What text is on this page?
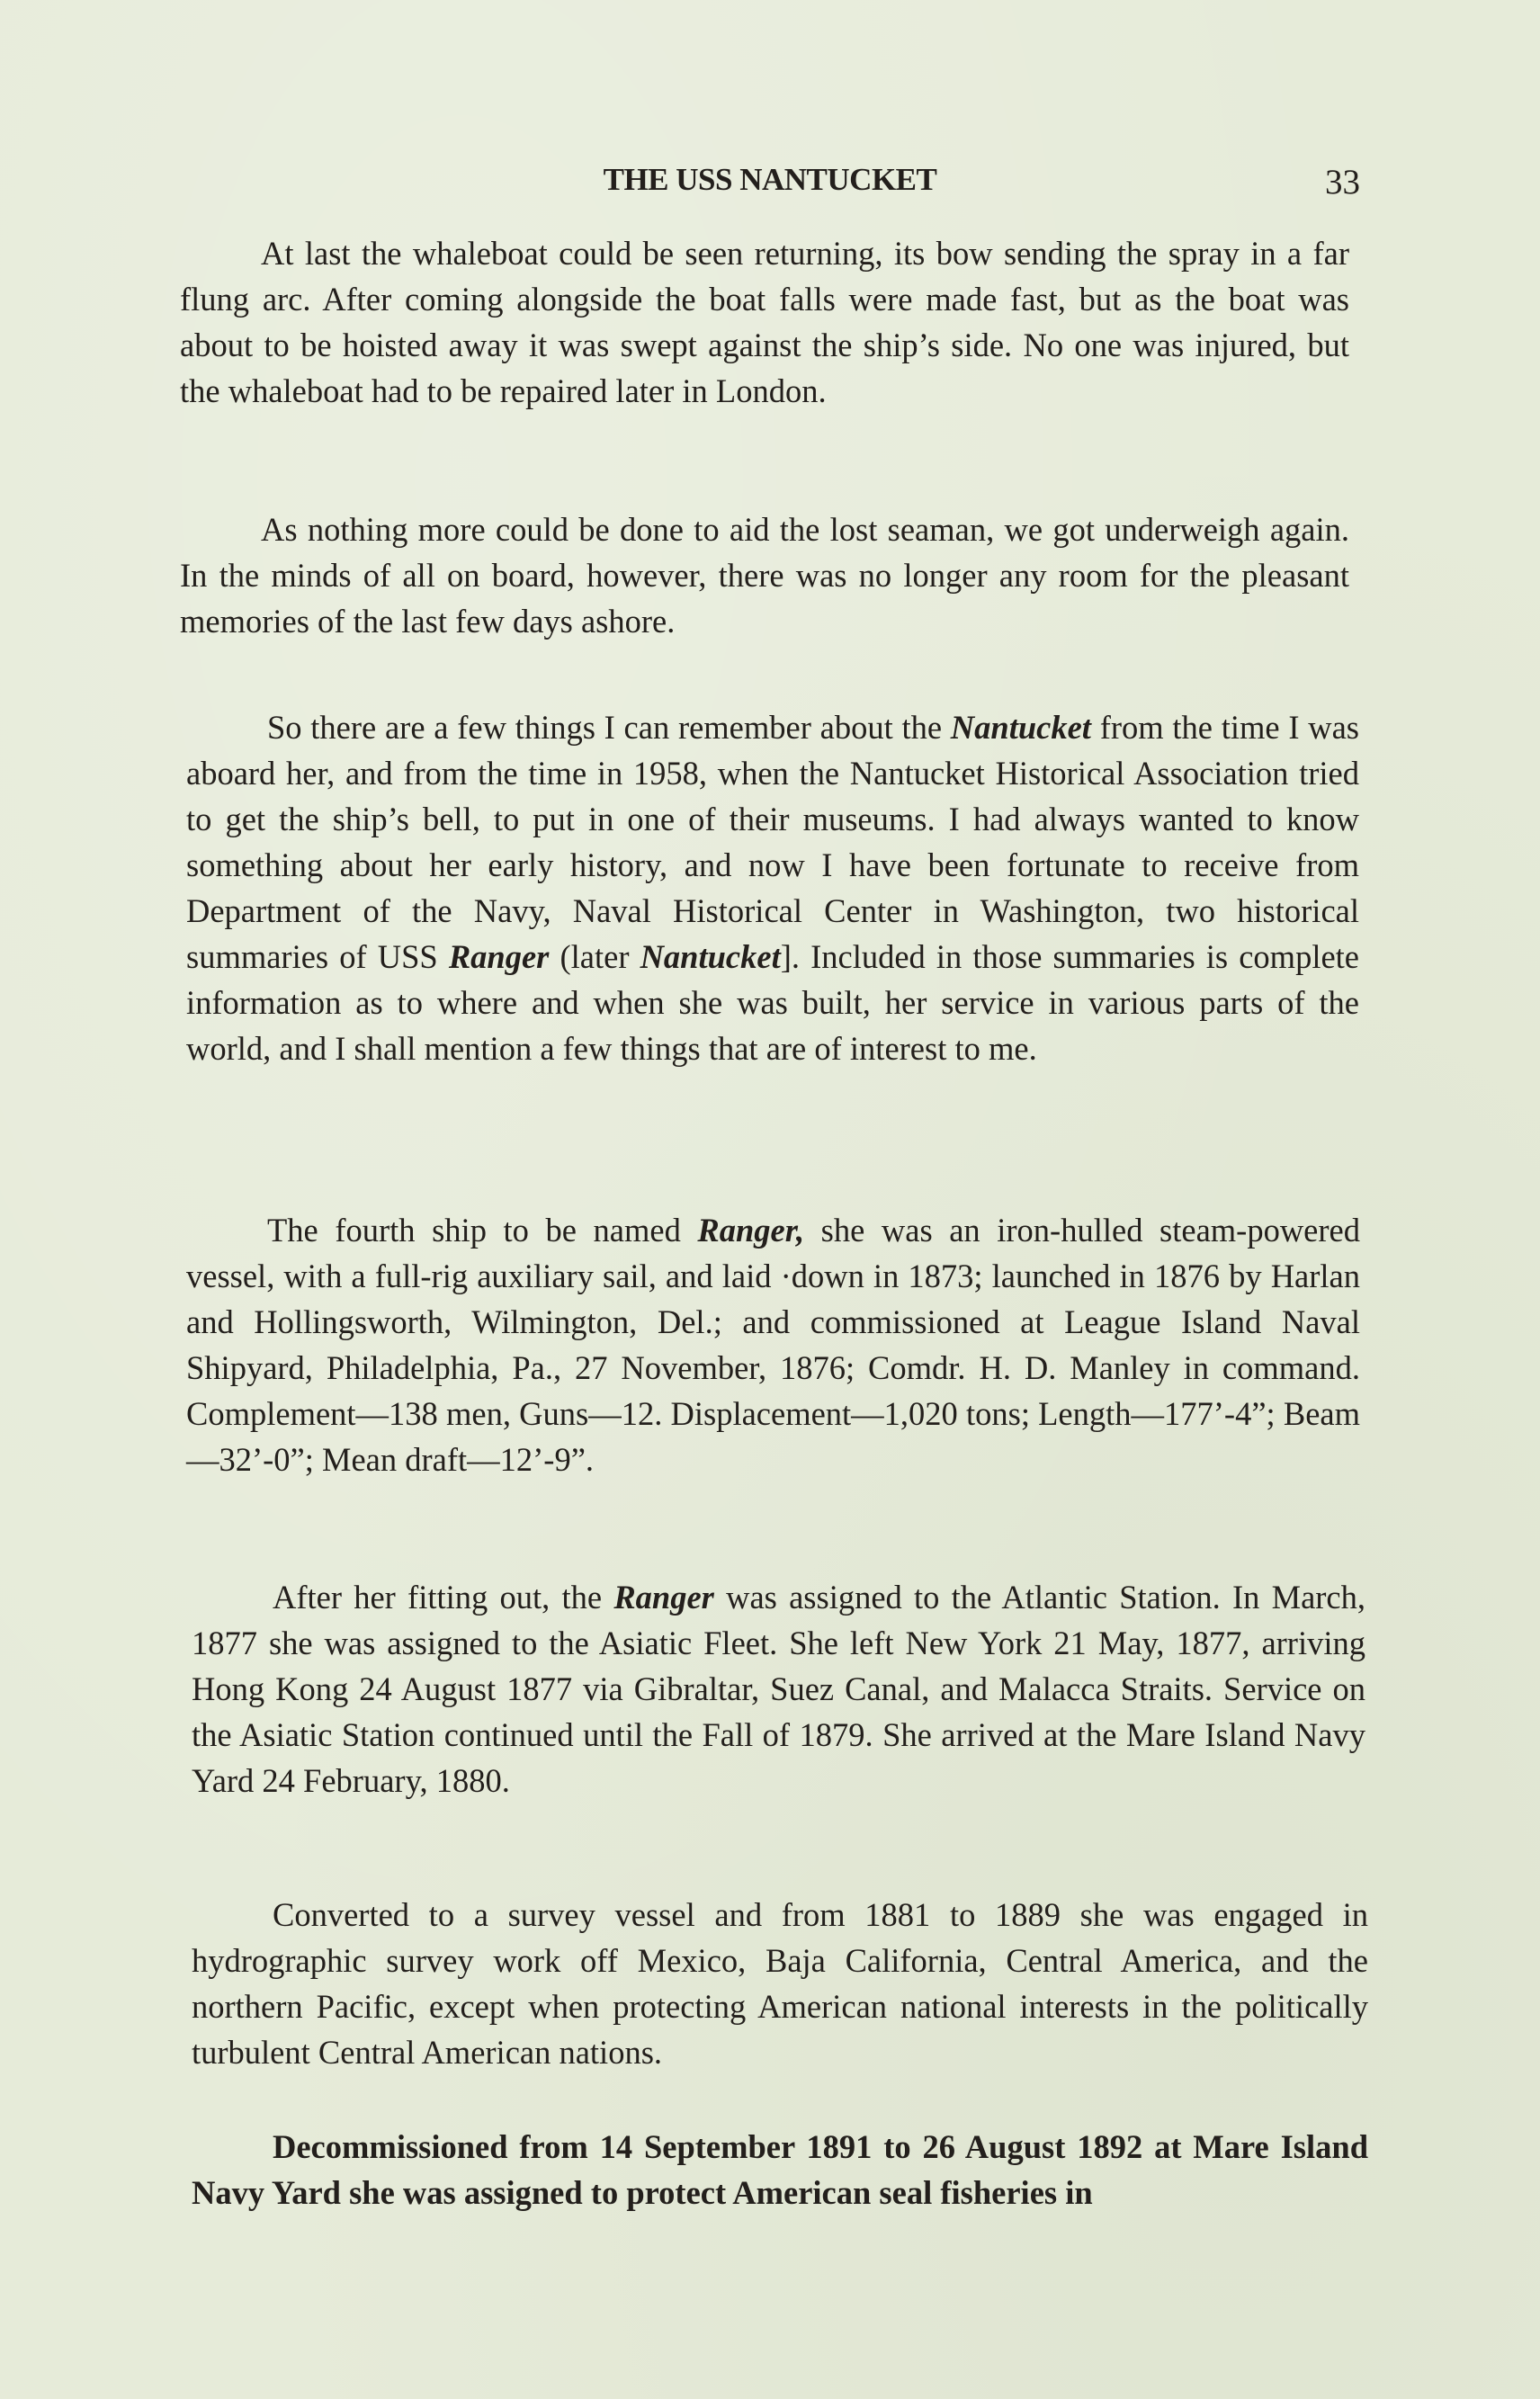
THE USS NANTUCKET	33

At last the whaleboat could be seen returning, its bow sending the spray in a far flung arc. After coming alongside the boat falls were made fast, but as the boat was about to be hoisted away it was swept against the ship’s side. No one was injured, but the whaleboat had to be repaired later in London.

As nothing more could be done to aid the lost seaman, we got underweigh again. In the minds of all on board, however, there was no longer any room for the pleasant memories of the last few days ashore.

So there are a few things I can remember about the Nantucket from the time I was aboard her, and from the time in 1958, when the Nantucket Historical Association tried to get the ship’s bell, to put in one of their museums. I had always wanted to know something about her early history, and now I have been fortunate to receive from Department of the Navy, Naval Historical Center in Washington, two historical summaries of USS Ranger (later Nantucket]. Included in those summaries is complete information as to where and when she was built, her service in various parts of the world, and I shall mention a few things that are of interest to me.

The fourth ship to be named Ranger, she was an iron-hulled steam-powered vessel, with a full-rig auxiliary sail, and laid ·down in 1873; launched in 1876 by Harlan and Hollingsworth, Wilmington, Del.; and commissioned at League Island Naval Shipyard, Philadelphia, Pa., 27 November, 1876; Comdr. H. D. Manley in command. Complement—138 men, Guns—12. Displacement—1,020 tons; Length—177’-4”; Beam—32’-0”; Mean draft—12’-9”.

After her fitting out, the Ranger was assigned to the Atlantic Station. In March, 1877 she was assigned to the Asiatic Fleet. She left New York 21 May, 1877, arriving Hong Kong 24 August 1877 via Gibraltar, Suez Canal, and Malacca Straits. Service on the Asiatic Station continued until the Fall of 1879. She arrived at the Mare Island Navy Yard 24 February, 1880.

Converted to a survey vessel and from 1881 to 1889 she was engaged in hydrographic survey work off Mexico, Baja California, Central America, and the northern Pacific, except when protecting American national interests in the politically turbulent Central American nations.

Decommissioned from 14 September 1891 to 26 August 1892 at Mare Island Navy Yard she was assigned to protect American seal fisheries in
